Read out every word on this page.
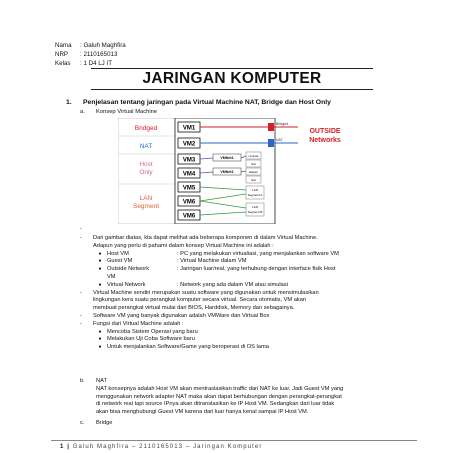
Nama	: Galuh Maghfira
NRP	: 2110165013
Kelas	: 1 D4 LJ IT
JARINGAN KOMPUTER
1. Penjelasan tentang jaringan pada Virtual Machine NAT, Bridge dan Host Only
a. Konsep Virtual Machine
Bridged
NAT
Host
Only
LAN
Segment
VM1
VM2
VM3
VM4
VM5
VM6
VM6
VMNet1
VMNet1
compute
host
adapter
host
LAN
Segment A
LAN
Segment B
Bridged
NAT
OUTSIDE
Networks
-
- Dari gambar diatas, kta dapat melihat ada beberapa komponen di dalam Virtual Machine.
Adapun yang perlu di pahami dalam konsep Virtual Machine ini adalah :
● Host VM	: PC yang melakukan virtualiasi, yang menjalankan software VM
● Guest VM	: Virtual Machine dalam VM
● Outside Network	: Jaringan luar/real, yang terhubung dengan interface fisik Host
VM
● Virtual Network	: Network yang ada dalam VM atau simulasi
- Virtual Machine sendiri merupakan suatu software yang digunakan untuk mensimulasikan
lingkungan kera suatu perangkat komputer secara virtual. Secara otomatis, VM akan
membuat perangkat virtual mulai dari BIOS, Harddisk, Memory dan sebagainya.
- Software VM yang banyak digunakan adalah VMWare dan Virtual Box
- Fungsi dari Virtual Machine adalah :
● Mencoba Sistem Operasi yang baru
● Melakukan Uji Coba Software baru
● Untuk menjalankan Software/Game yang beroperasi di OS lama
b. NAT
NAT konsepnya adalah Host VM akan mentraslasikan traffic dari NAT ke luar. Jadi Guest VM yang
menggunakan network adapter NAT maka akan dapat berhubungan dengan perangkat-perangkat
di network real tapi source IPnya akan ditranslasikan ke IP Host VM. Sedangkan dari luar tidak
akan bisa menghubungi Guest VM karena dari luar hanya kenal sampai IP Host VM.
c. Bridge
1 | Galuh Maghfira – 2110165013 – Jaringan Komputer
